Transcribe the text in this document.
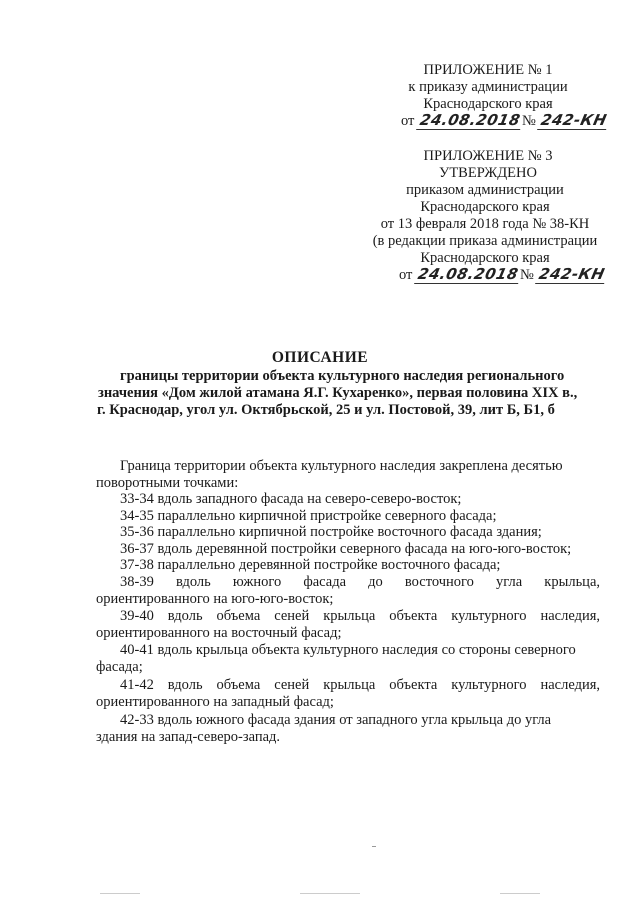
ПРИЛОЖЕНИЕ № 1
к приказу администрации
Краснодарского края
от 24.08.2018№ 242-КН
ПРИЛОЖЕНИЕ № 3
УТВЕРЖДЕНО
приказом администрации
Краснодарского края
от 13 февраля 2018 года № 38-КН
(в редакции приказа администрации
Краснодарского края
от 24.08.2018№ 242-КН
ОПИСАНИЕ
границы территории объекта культурного наследия регионального
значения «Дом жилой атамана Я.Г. Кухаренко», первая половина XIX в.,
г. Краснодар, угол ул. Октябрьской, 25 и ул. Постовой, 39, лит Б, Б1, б
Граница территории объекта культурного наследия закреплена десятью
поворотными точками:
33-34 вдоль западного фасада на северо-северо-восток;
34-35 параллельно кирпичной пристройке северного фасада;
35-36 параллельно кирпичной постройке восточного фасада здания;
36-37 вдоль деревянной постройки северного фасада на юго-юго-восток;
37-38 параллельно деревянной постройке восточного фасада;
38-39 вдоль южного фасада до восточного угла крыльца,
ориентированного на юго-юго-восток;
39-40 вдоль объема сеней крыльца объекта культурного наследия,
ориентированного на восточный фасад;
40-41 вдоль крыльца объекта культурного наследия со стороны северного
фасада;
41-42 вдоль объема сеней крыльца объекта культурного наследия,
ориентированного на западный фасад;
42-33 вдоль южного фасада здания от западного угла крыльца до угла
здания на запад-северо-запад.
